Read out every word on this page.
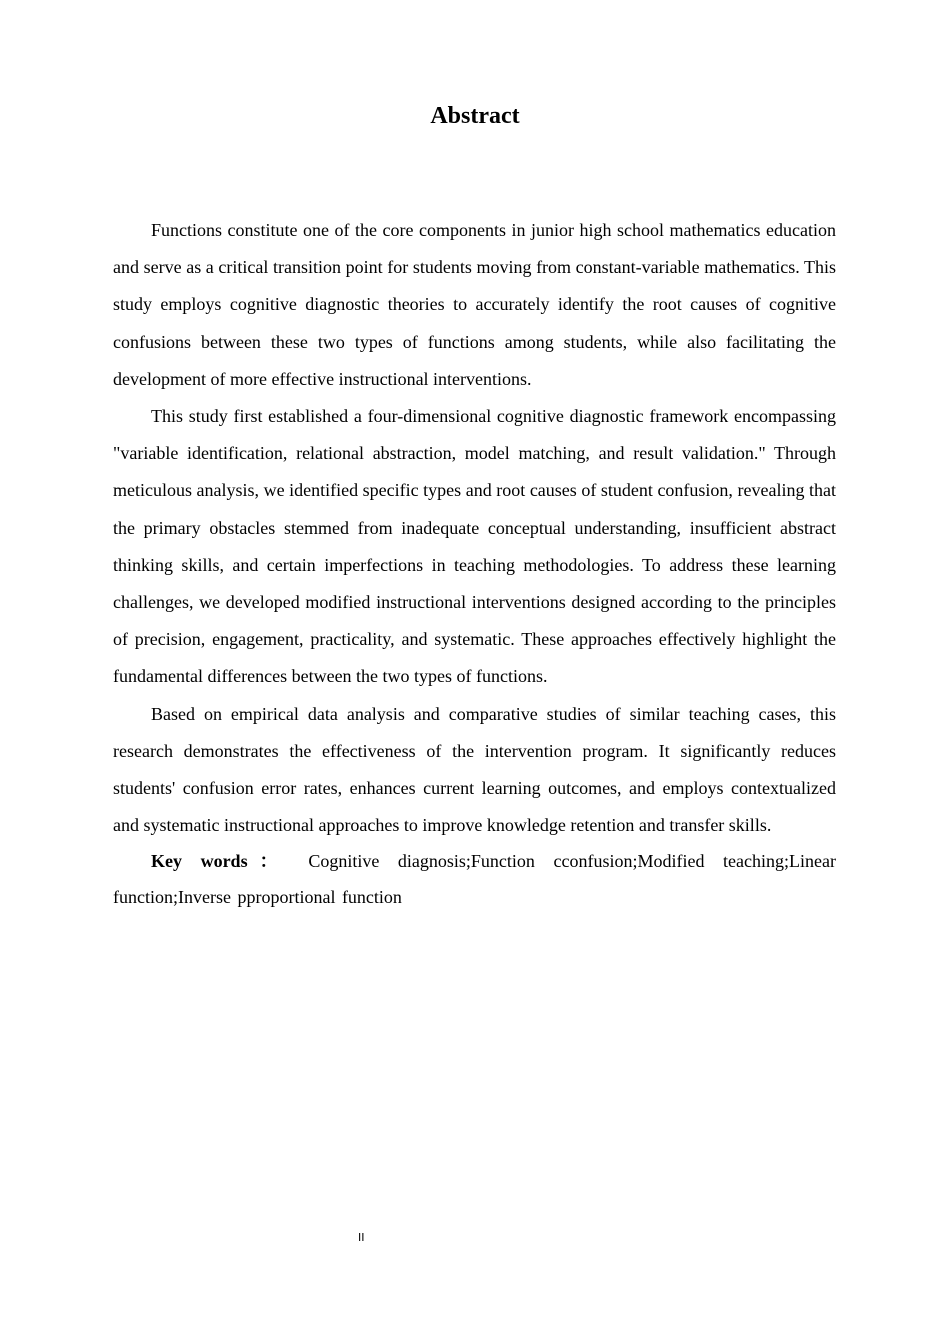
Abstract

Functions constitute one of the core components in junior high school mathematics education and serve as a critical transition point for students moving from constant-variable mathematics. This study employs cognitive diagnostic theories to accurately identify the root causes of cognitive confusions between these two types of functions among students, while also facilitating the development of more effective instructional interventions.

This study first established a four-dimensional cognitive diagnostic framework encompassing "variable identification, relational abstraction, model matching, and result validation." Through meticulous analysis, we identified specific types and root causes of student confusion, revealing that the primary obstacles stemmed from inadequate conceptual understanding, insufficient abstract thinking skills, and certain imperfections in teaching methodologies. To address these learning challenges, we developed modified instructional interventions designed according to the principles of precision, engagement, practicality, and systematic. These approaches effectively highlight the fundamental differences between the two types of functions.

Based on empirical data analysis and comparative studies of similar teaching cases, this research demonstrates the effectiveness of the intervention program. It significantly reduces students' confusion error rates, enhances current learning outcomes, and employs contextualized and systematic instructional approaches to improve knowledge retention and transfer skills.

Key words： Cognitive diagnosis;Function cconfusion;Modified teaching;Linear function;Inverse pproportional function

II
